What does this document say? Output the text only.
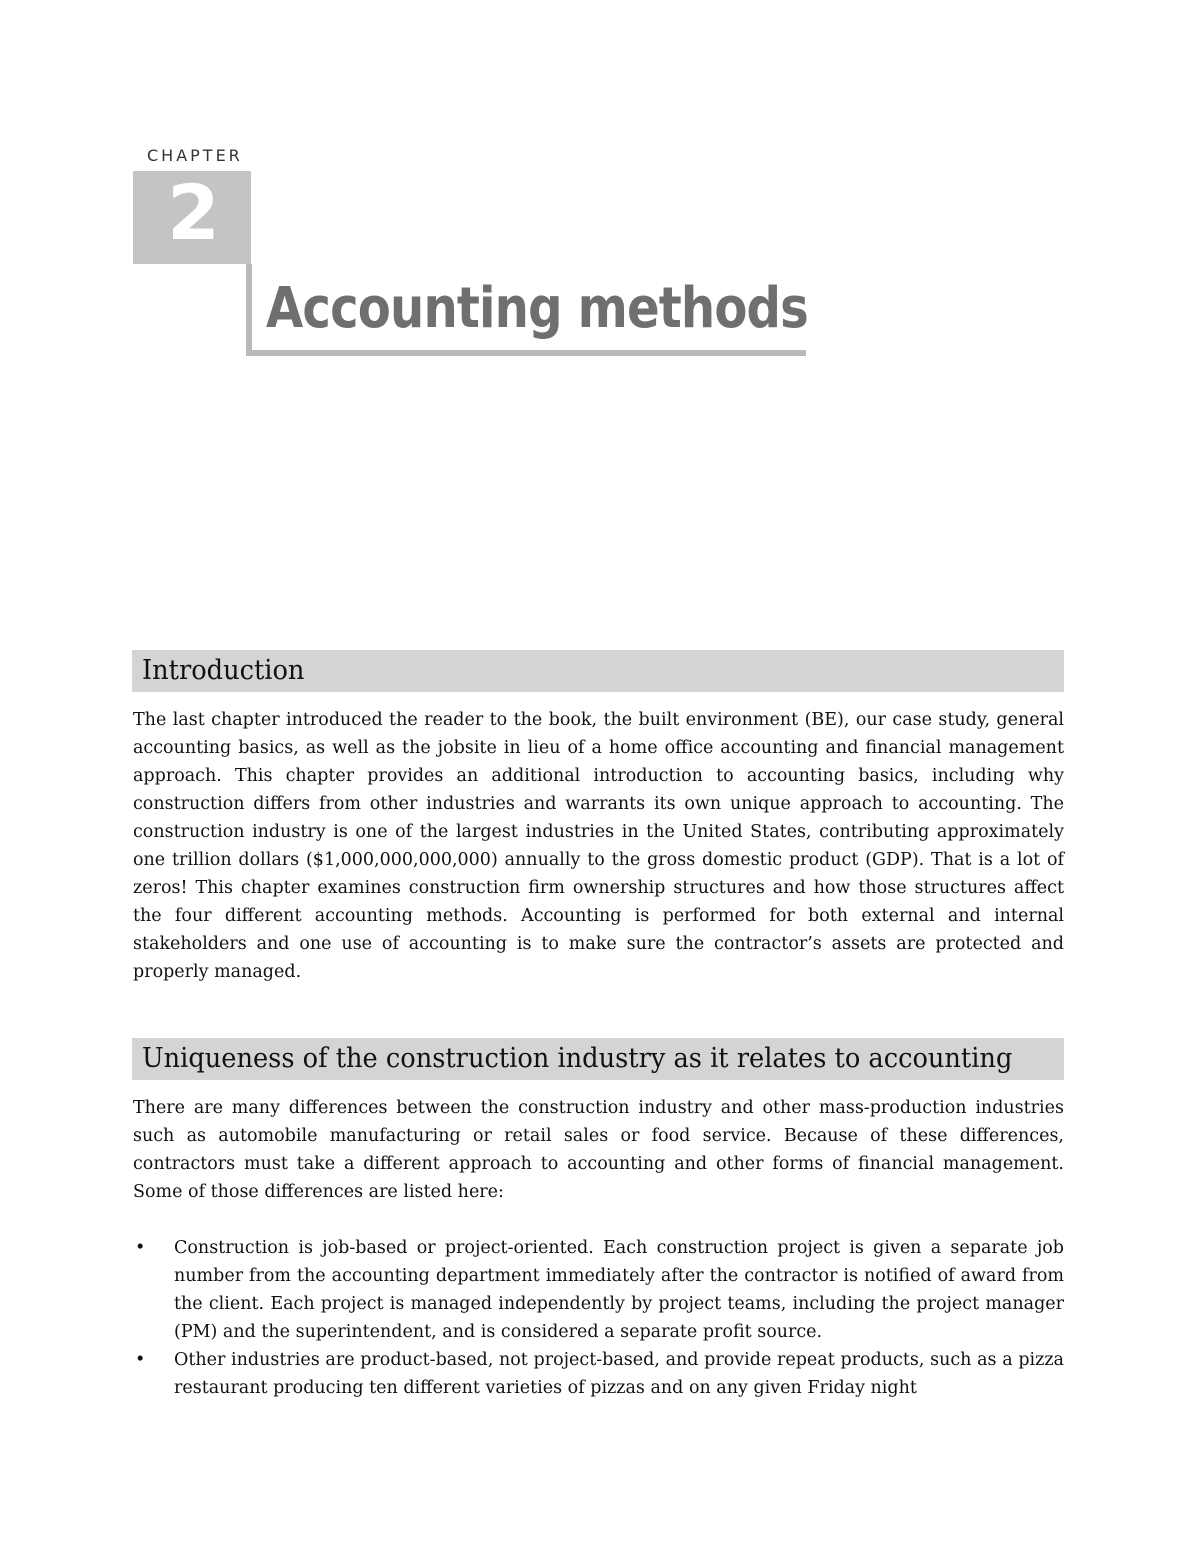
CHAPTER
2
Accounting methods
Introduction

The last chapter introduced the reader to the book, the built environment (BE), our case study, general accounting basics, as well as the jobsite in lieu of a home office accounting and financial management approach. This chapter provides an additional introduction to accounting basics, including why construction differs from other industries and warrants its own unique approach to accounting. The construction industry is one of the largest industries in the United States, contributing approximately one trillion dollars ($1,000,000,000,000) annually to the gross domestic product (GDP). That is a lot of zeros! This chapter examines construction firm ownership structures and how those structures affect the four different accounting methods. Accounting is performed for both external and internal stakeholders and one use of accounting is to make sure the contractor’s assets are protected and properly managed.

Uniqueness of the construction industry as it relates to accounting

There are many differences between the construction industry and other mass-production industries such as automobile manufacturing or retail sales or food service. Because of these differences, contractors must take a different approach to accounting and other forms of financial management. Some of those differences are listed here:

• Construction is job-based or project-oriented. Each construction project is given a separate job number from the accounting department immediately after the contractor is notified of award from the client. Each project is managed independently by project teams, including the project manager (PM) and the superintendent, and is considered a separate profit source.
• Other industries are product-based, not project-based, and provide repeat products, such as a pizza restaurant producing ten different varieties of pizzas and on any given Friday night
